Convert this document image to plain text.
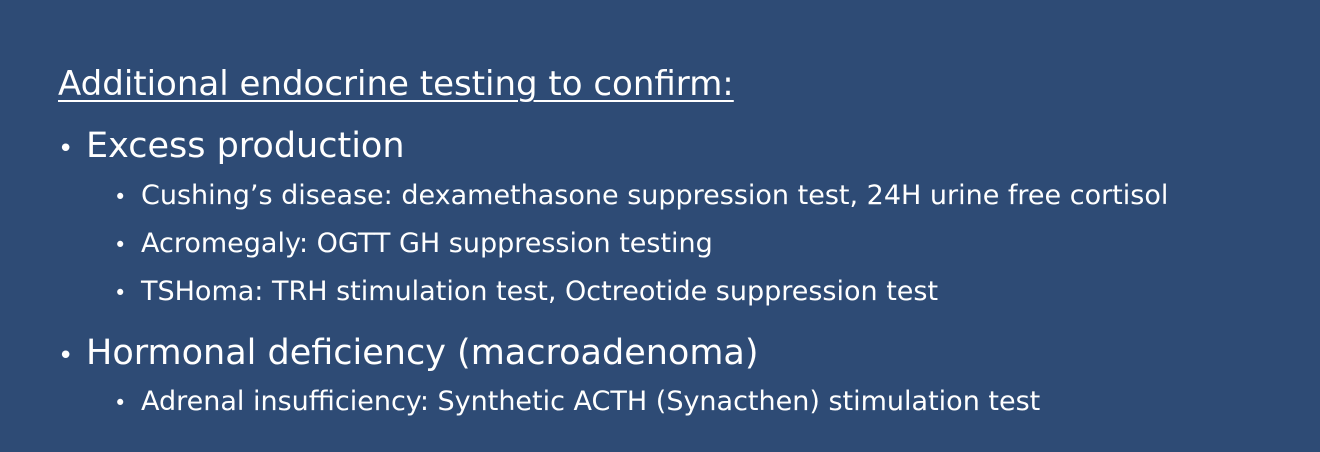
Additional endocrine testing to confirm:
• Excess production
• Cushing’s disease: dexamethasone suppression test, 24H urine free cortisol
• Acromegaly: OGTT GH suppression testing
• TSHoma: TRH stimulation test, Octreotide suppression test
• Hormonal deficiency (macroadenoma)
• Adrenal insufficiency: Synthetic ACTH (Synacthen) stimulation test
